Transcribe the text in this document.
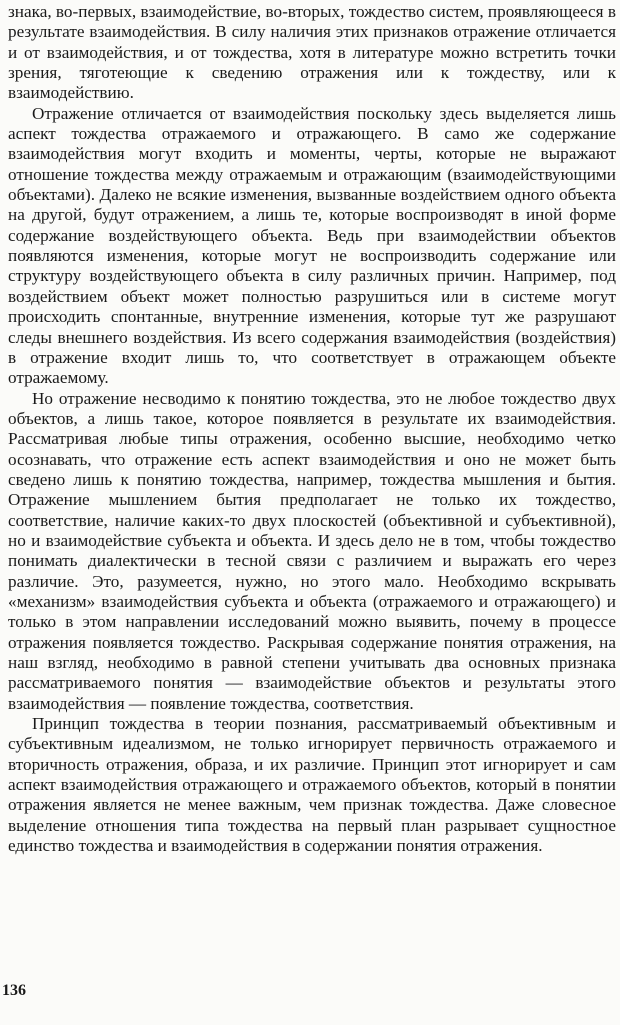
знака, во-первых, взаимодействие, во-вторых, тождество систем, проявляющееся в результате взаимодействия. В силу наличия этих признаков отражение отличается и от взаимодействия, и от тождества, хотя в литературе можно встретить точки зрения, тяготеющие к сведению отражения или к тождеству, или к взаимодействию.

Отражение отличается от взаимодействия поскольку здесь выделяется лишь аспект тождества отражаемого и отражающего. В само же содержание взаимодействия могут входить и моменты, черты, которые не выражают отношение тождества между отражаемым и отражающим (взаимодействующими объектами). Далеко не всякие изменения, вызванные воздействием одного объекта на другой, будут отражением, а лишь те, которые воспроизводят в иной форме содержание воздействующего объекта. Ведь при взаимодействии объектов появляются изменения, которые могут не воспроизводить содержание или структуру воздействующего объекта в силу различных причин. Например, под воздействием объект может полностью разрушиться или в системе могут происходить спонтанные, внутренние изменения, которые тут же разрушают следы внешнего воздействия. Из всего содержания взаимодействия (воздействия) в отражение входит лишь то, что соответствует в отражающем объекте отражаемому.

Но отражение несводимо к понятию тождества, это не любое тождество двух объектов, а лишь такое, которое появляется в результате их взаимодействия. Рассматривая любые типы отражения, особенно высшие, необходимо четко осознавать, что отражение есть аспект взаимодействия и оно не может быть сведено лишь к понятию тождества, например, тождества мышления и бытия. Отражение мышлением бытия предполагает не только их тождество, соответствие, наличие каких-то двух плоскостей (объективной и субъективной), но и взаимодействие субъекта и объекта. И здесь дело не в том, чтобы тождество понимать диалектически в тесной связи с различием и выражать его через различие. Это, разумеется, нужно, но этого мало. Необходимо вскрывать «механизм» взаимодействия субъекта и объекта (отражаемого и отражающего) и только в этом направлении исследований можно выявить, почему в процессе отражения появляется тождество. Раскрывая содержание понятия отражения, на наш взгляд, необходимо в равной степени учитывать два основных признака рассматриваемого понятия — взаимодействие объектов и результаты этого взаимодействия — появление тождества, соответствия.

Принцип тождества в теории познания, рассматриваемый объективным и субъективным идеализмом, не только игнорирует первичность отражаемого и вторичность отражения, образа, и их различие. Принцип этот игнорирует и сам аспект взаимодействия отражающего и отражаемого объектов, который в понятии отражения является не менее важным, чем признак тождества. Даже словесное выделение отношения типа тождества на первый план разрывает сущностное единство тождества и взаимодействия в содержании понятия отражения.

136
